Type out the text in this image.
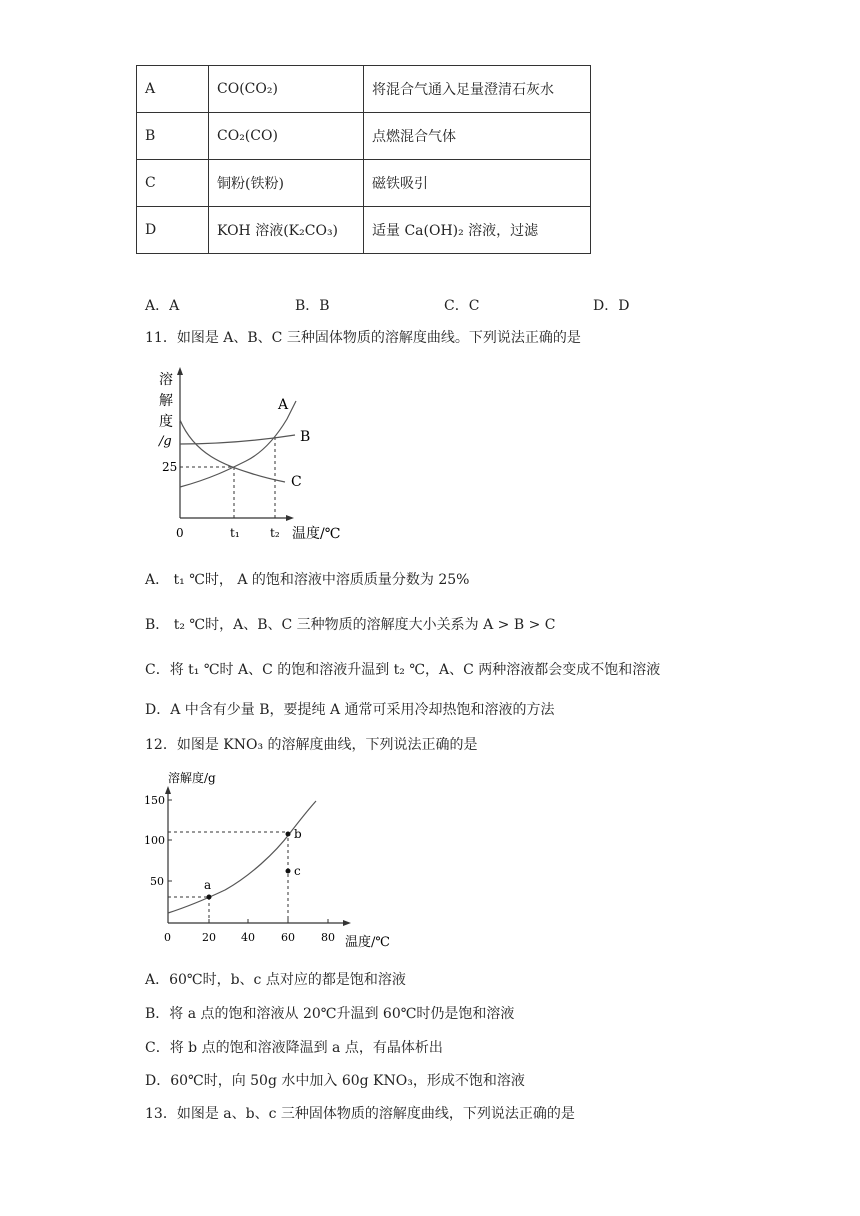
A	CO(CO₂)	将混合气通入足量澄清石灰水
B	CO₂(CO)	点燃混合气体
C	铜粉(铁粉)	磁铁吸引
D	KOH 溶液(K₂CO₃)	适量 Ca(OH)₂ 溶液，过滤
A．A	B．B	C．C	D．D
11．如图是 A、B、C 三种固体物质的溶解度曲线。下列说法正确的是
溶
解
度
/g
25
A
B
C
0	t₁	t₂ 温度/℃
A． t₁ ℃时， A 的饱和溶液中溶质质量分数为 25%
B． t₂ ℃时，A、B、C 三种物质的溶解度大小关系为 A > B > C
C．将 t₁ ℃时 A、C 的饱和溶液升温到 t₂ ℃，A、C 两种溶液都会变成不饱和溶液
D．A 中含有少量 B，要提纯 A 通常可采用冷却热饱和溶液的方法
12．如图是 KNO₃ 的溶解度曲线，下列说法正确的是
溶解度/g
150
100
50
0	20 40 60 80 温度/℃
a
b
c
A．60℃时，b、c 点对应的都是饱和溶液
B．将 a 点的饱和溶液从 20℃升温到 60℃时仍是饱和溶液
C．将 b 点的饱和溶液降温到 a 点，有晶体析出
D．60℃时，向 50g 水中加入 60g KNO₃，形成不饱和溶液
13．如图是 a、b、c 三种固体物质的溶解度曲线，下列说法正确的是
